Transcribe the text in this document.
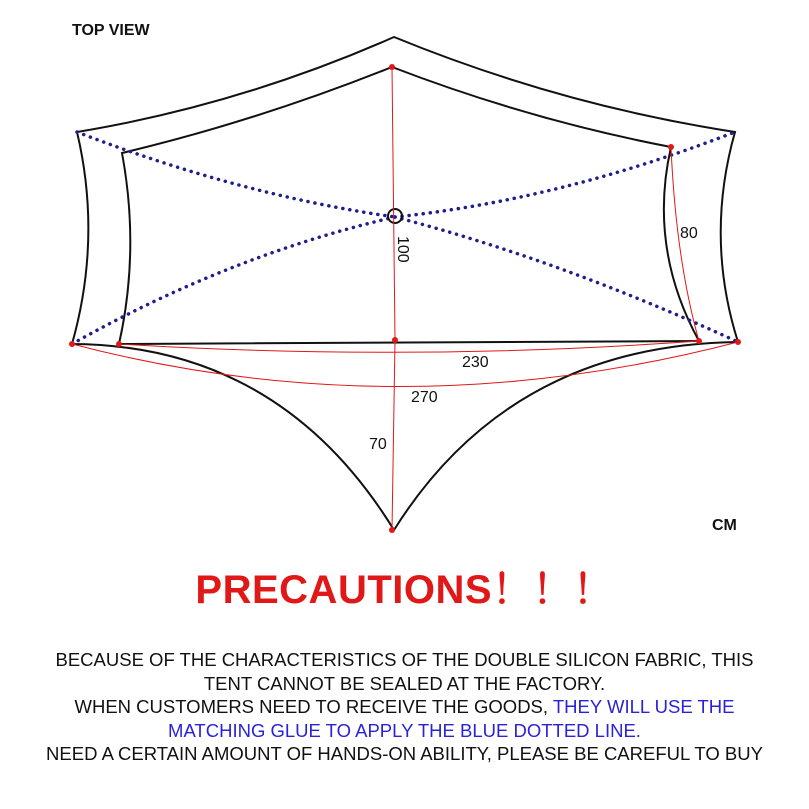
TOP VIEW
CM
100
80
230
270
70
PRECAUTIONS！！！
BECAUSE OF THE CHARACTERISTICS OF THE DOUBLE SILICON FABRIC, THIS TENT CANNOT BE SEALED AT THE FACTORY.
WHEN CUSTOMERS NEED TO RECEIVE THE GOODS, THEY WILL USE THE MATCHING GLUE TO APPLY THE BLUE DOTTED LINE.
NEED A CERTAIN AMOUNT OF HANDS-ON ABILITY, PLEASE BE CAREFUL TO BUY
